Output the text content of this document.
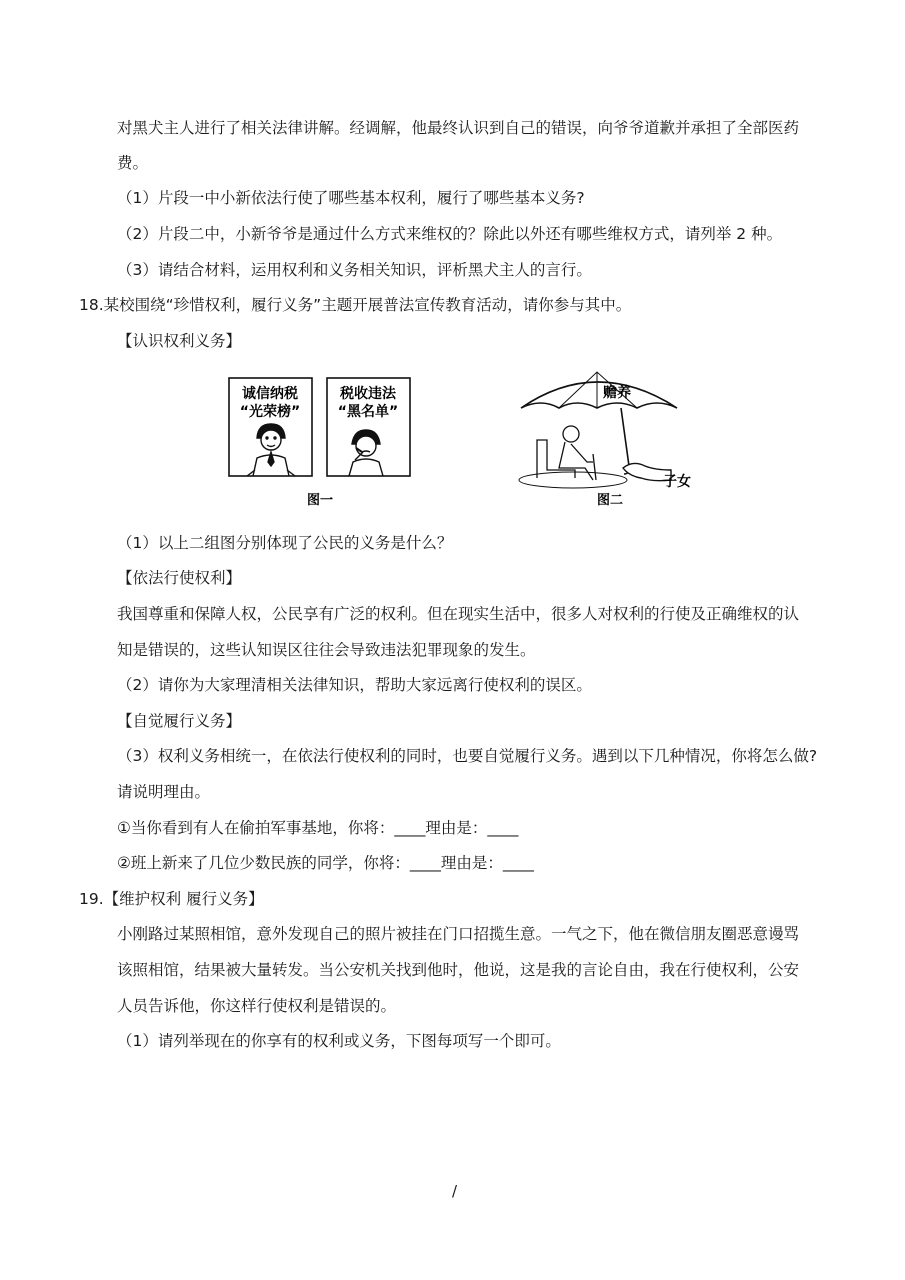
对黑犬主人进行了相关法律讲解。经调解，他最终认识到自己的错误，向爷爷道歉并承担了全部医药
费。
（1）片段一中小新依法行使了哪些基本权利，履行了哪些基本义务?
（2）片段二中，小新爷爷是通过什么方式来维权的？除此以外还有哪些维权方式，请列举 2 种。
（3）请结合材料，运用权利和义务相关知识，评析黑犬主人的言行。
18.某校围绕“珍惜权利，履行义务”主题开展普法宣传教育活动，请你参与其中。
【认识权利义务】
诚信纳税
“光荣榜”
税收违法
“黑名单”
图一
赡养
子女
图二
（1）以上二组图分别体现了公民的义务是什么？
【依法行使权利】
我国尊重和保障人权，公民享有广泛的权利。但在现实生活中，很多人对权利的行使及正确维权的认
知是错误的，这些认知误区往往会导致违法犯罪现象的发生。
（2）请你为大家理清相关法律知识，帮助大家远离行使权利的误区。
【自觉履行义务】
（3）权利义务相统一，在依法行使权利的同时，也要自觉履行义务。遇到以下几种情况，你将怎么做?
请说明理由。
①当你看到有人在偷拍军事基地，你将：____理由是：____
②班上新来了几位少数民族的同学，你将：____理由是：____
19.【维护权利 履行义务】
小刚路过某照相馆，意外发现自己的照片被挂在门口招揽生意。一气之下，他在微信朋友圈恶意谩骂
该照相馆，结果被大量转发。当公安机关找到他时，他说，这是我的言论自由，我在行使权利，公安
人员告诉他，你这样行使权利是错误的。
（1）请列举现在的你享有的权利或义务，下图每项写一个即可。
/
